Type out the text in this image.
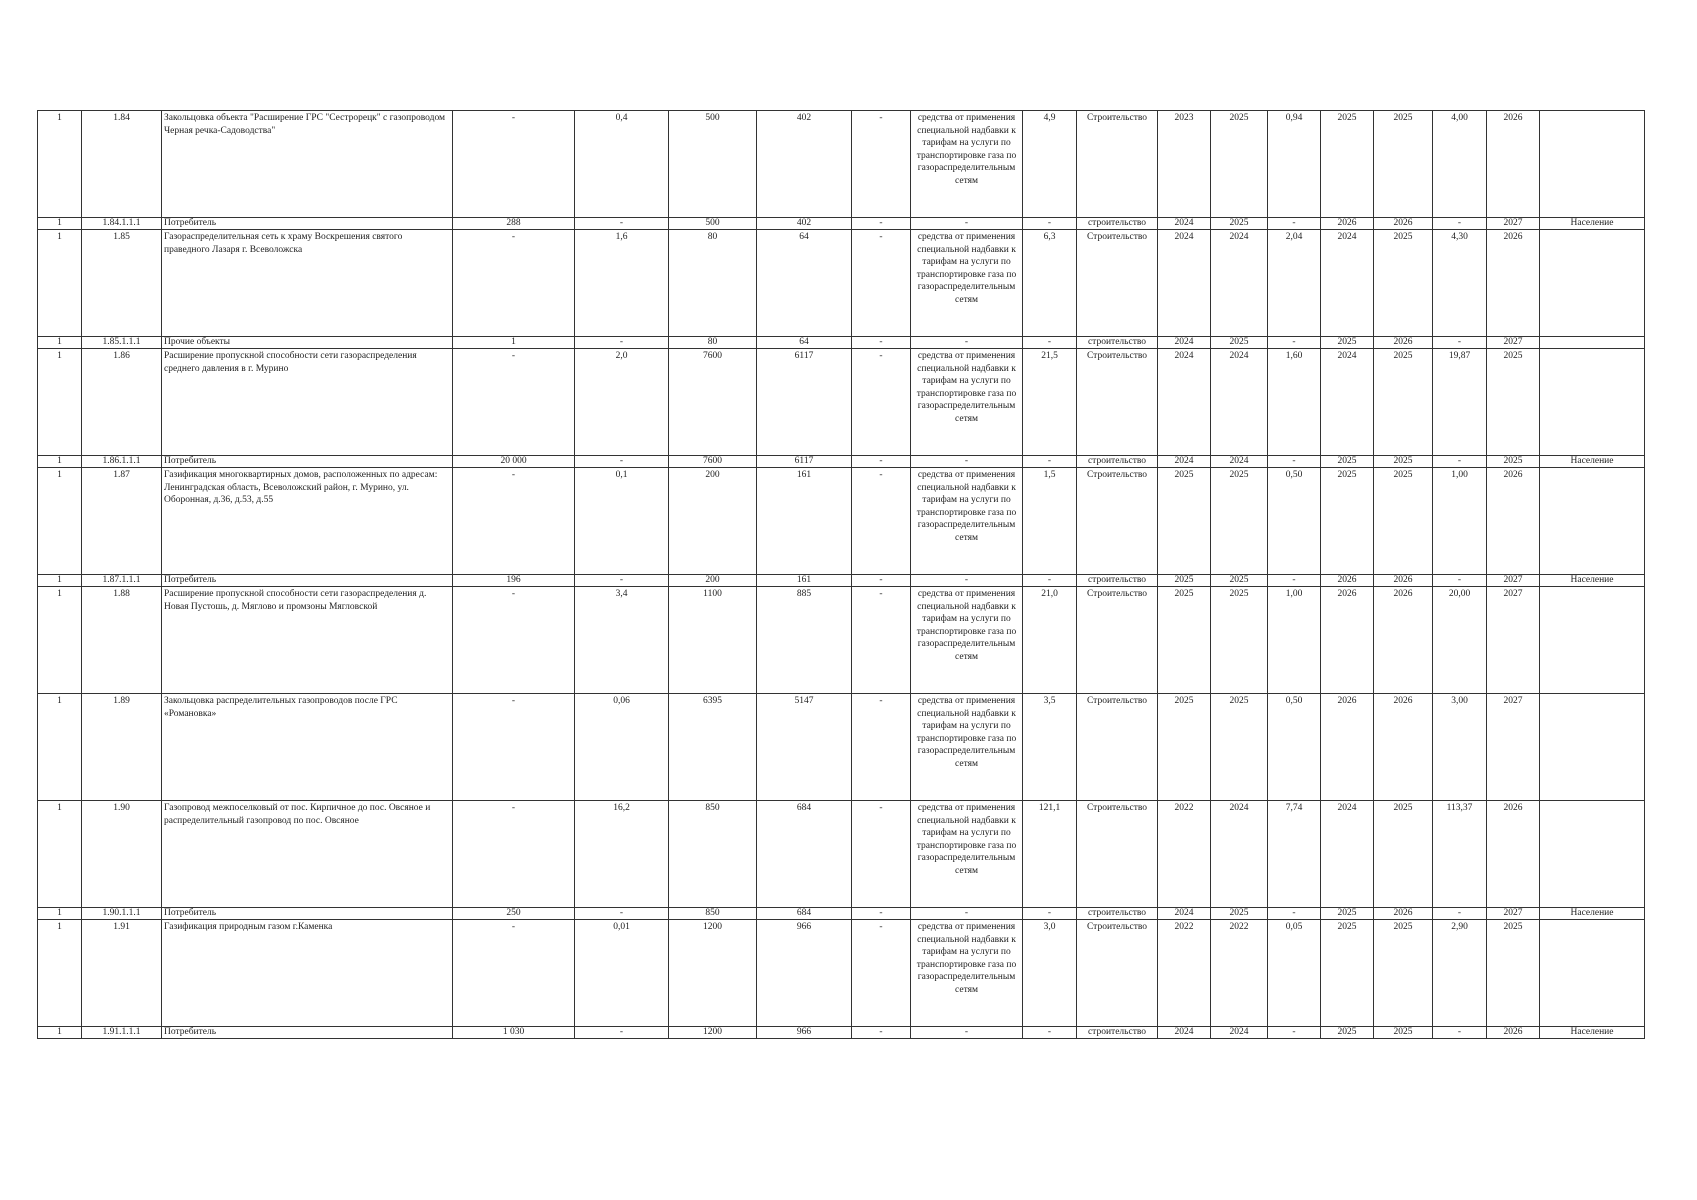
1	1.84	Закольцовка объекта "Расширение ГРС "Сестрорецк" с газопроводом Черная речка-Садоводства"	-	0,4	500	402	-	средства от применения специальной надбавки к тарифам на услуги по транспортировке газа по газораспределительным сетям	4,9	Строительство	2023	2025	0,94	2025	2025	4,00	2026	
1	1.84.1.1.1	Потребитель	288	-	500	402	-	-	-	строительство	2024	2025	-	2026	2026	-	2027	Население
1	1.85	Газораспределительная сеть к храму Воскрешения святого праведного Лазаря г. Всеволожска	-	1,6	80	64	-	средства от применения специальной надбавки к тарифам на услуги по транспортировке газа по газораспределительным сетям	6,3	Строительство	2024	2024	2,04	2024	2025	4,30	2026	
1	1.85.1.1.1	Прочие объекты	1	-	80	64	-	-	-	строительство	2024	2025	-	2025	2026	-	2027	
1	1.86	Расширение пропускной способности сети газораспределения среднего давления в г. Мурино	-	2,0	7600	6117	-	средства от применения специальной надбавки к тарифам на услуги по транспортировке газа по газораспределительным сетям	21,5	Строительство	2024	2024	1,60	2024	2025	19,87	2025	
1	1.86.1.1.1	Потребитель	20 000	-	7600	6117	-	-	-	строительство	2024	2024	-	2025	2025	-	2025	Население
1	1.87	Газификация многоквартирных домов, расположенных по адресам: Ленинградская область, Всеволожский район, г. Мурино, ул. Оборонная, д.36, д.53, д.55	-	0,1	200	161	-	средства от применения специальной надбавки к тарифам на услуги по транспортировке газа по газораспределительным сетям	1,5	Строительство	2025	2025	0,50	2025	2025	1,00	2026	
1	1.87.1.1.1	Потребитель	196	-	200	161	-	-	-	строительство	2025	2025	-	2026	2026	-	2027	Население
1	1.88	Расширение пропускной способности сети газораспределения д. Новая Пустошь, д. Мяглово и промзоны Мягловской	-	3,4	1100	885	-	средства от применения специальной надбавки к тарифам на услуги по транспортировке газа по газораспределительным сетям	21,0	Строительство	2025	2025	1,00	2026	2026	20,00	2027	
1	1.89	Закольцовка распределительных газопроводов после ГРС «Романовка»	-	0,06	6395	5147	-	средства от применения специальной надбавки к тарифам на услуги по транспортировке газа по газораспределительным сетям	3,5	Строительство	2025	2025	0,50	2026	2026	3,00	2027	
1	1.90	Газопровод межпоселковый от пос. Кирпичное до пос. Овсяное и распределительный газопровод по пос. Овсяное	-	16,2	850	684	-	средства от применения специальной надбавки к тарифам на услуги по транспортировке газа по газораспределительным сетям	121,1	Строительство	2022	2024	7,74	2024	2025	113,37	2026	
1	1.90.1.1.1	Потребитель	250	-	850	684	-	-	-	строительство	2024	2025	-	2025	2026	-	2027	Население
1	1.91	Газификация природным газом г.Каменка	-	0,01	1200	966	-	средства от применения специальной надбавки к тарифам на услуги по транспортировке газа по газораспределительным сетям	3,0	Строительство	2022	2022	0,05	2025	2025	2,90	2025	
1	1.91.1.1.1	Потребитель	1 030	-	1200	966	-	-	-	строительство	2024	2024	-	2025	2025	-	2026	Население
